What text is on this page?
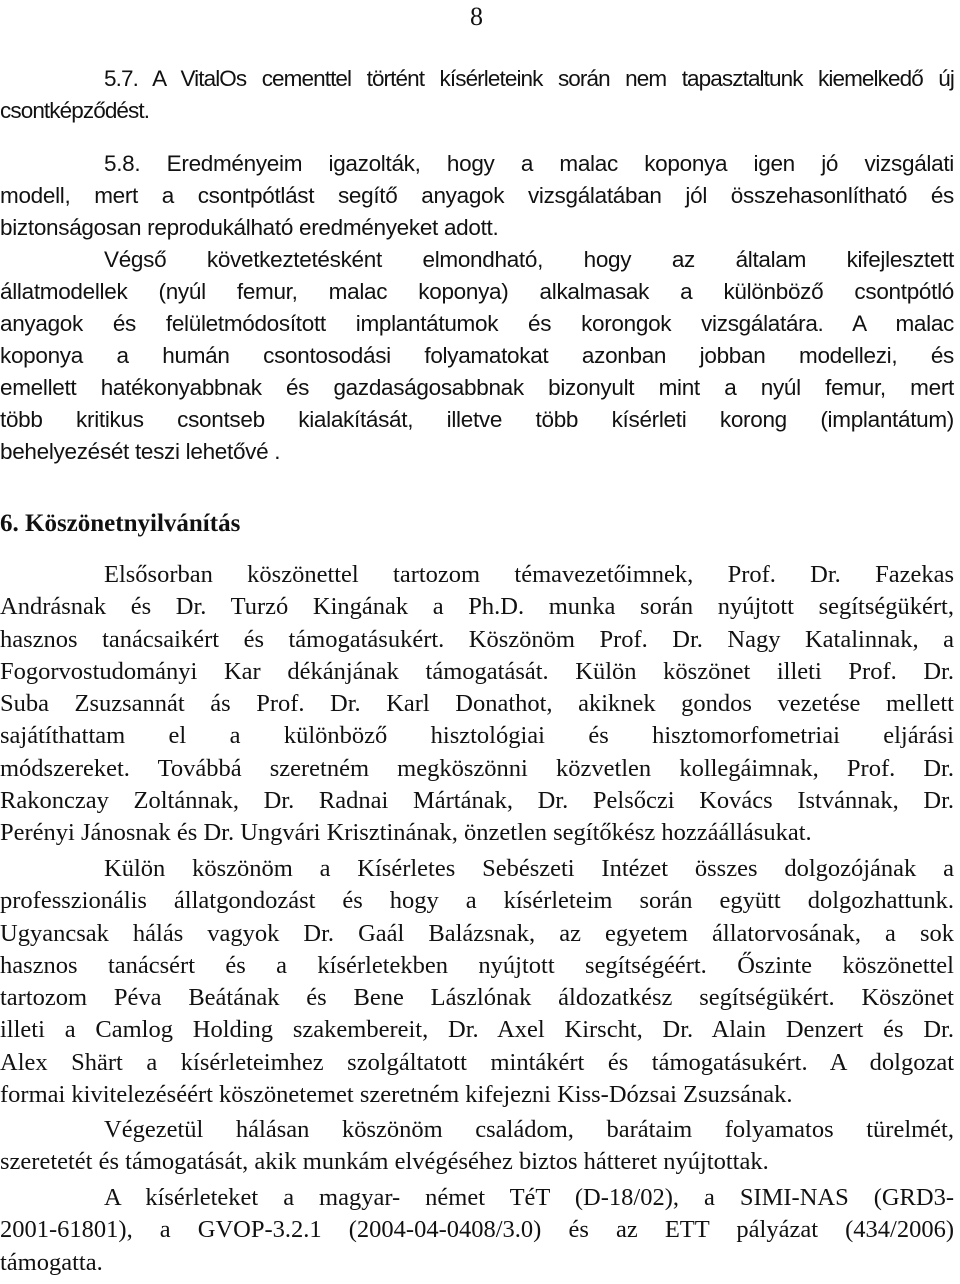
8
5.7. A VitalOs cementtel történt kísérleteink során nem tapasztaltunk kiemelkedő új
csontképződést.
5.8. Eredményeim igazolták, hogy a malac koponya igen jó vizsgálati
modell, mert a csontpótlást segítő anyagok vizsgálatában jól összehasonlítható és
biztonságosan reprodukálható eredményeket adott.
Végső következtetésként elmondható, hogy az általam kifejlesztett
állatmodellek (nyúl femur, malac koponya) alkalmasak a különböző csontpótló
anyagok és felületmódosított implantátumok és korongok vizsgálatára. A malac
koponya a humán csontosodási folyamatokat azonban jobban modellezi, és
emellett hatékonyabbnak és gazdaságosabbnak bizonyult mint a nyúl femur, mert
több kritikus csontseb kialakítását, illetve több kísérleti korong (implantátum)
behelyezését teszi lehetővé .
6. Köszönetnyilvánítás
Elsősorban köszönettel tartozom témavezetőimnek, Prof. Dr. Fazekas
Andrásnak és Dr. Turzó Kingának a Ph.D. munka során nyújtott segítségükért,
hasznos tanácsaikért és támogatásukért. Köszönöm Prof. Dr. Nagy Katalinnak, a
Fogorvostudományi Kar dékánjának támogatását. Külön köszönet illeti Prof. Dr.
Suba Zsuzsannát ás Prof. Dr. Karl Donathot, akiknek gondos vezetése mellett
sajátíthattam el a különböző hisztológiai és hisztomorfometriai eljárási
módszereket. Továbbá szeretném megköszönni közvetlen kollegáimnak, Prof. Dr.
Rakonczay Zoltánnak, Dr. Radnai Mártának, Dr. Pelsőczi Kovács Istvánnak, Dr.
Perényi Jánosnak és Dr. Ungvári Krisztinának, önzetlen segítőkész hozzáállásukat.
Külön köszönöm a Kísérletes Sebészeti Intézet összes dolgozójának a
professzionális állatgondozást és hogy a kísérleteim során együtt dolgozhattunk.
Ugyancsak hálás vagyok Dr. Gaál Balázsnak, az egyetem állatorvosának, a sok
hasznos tanácsért és a kísérletekben nyújtott segítségéért. Őszinte köszönettel
tartozom Péva Beátának és Bene Lászlónak áldozatkész segítségükért. Köszönet
illeti a Camlog Holding szakembereit, Dr. Axel Kirscht, Dr. Alain Denzert és Dr.
Alex Shärt a kísérleteimhez szolgáltatott mintákért és támogatásukért. A dolgozat
formai kivitelezéséért köszönetemet szeretném kifejezni Kiss-Dózsai Zsuzsának.
Végezetül hálásan köszönöm családom, barátaim folyamatos türelmét,
szeretetét és támogatását, akik munkám elvégéséhez biztos hátteret nyújtottak.
A kísérleteket a magyar- német TéT (D-18/02), a SIMI-NAS (GRD3-
2001-61801), a GVOP-3.2.1 (2004-04-0408/3.0) és az ETT pályázat (434/2006)
támogatta.
